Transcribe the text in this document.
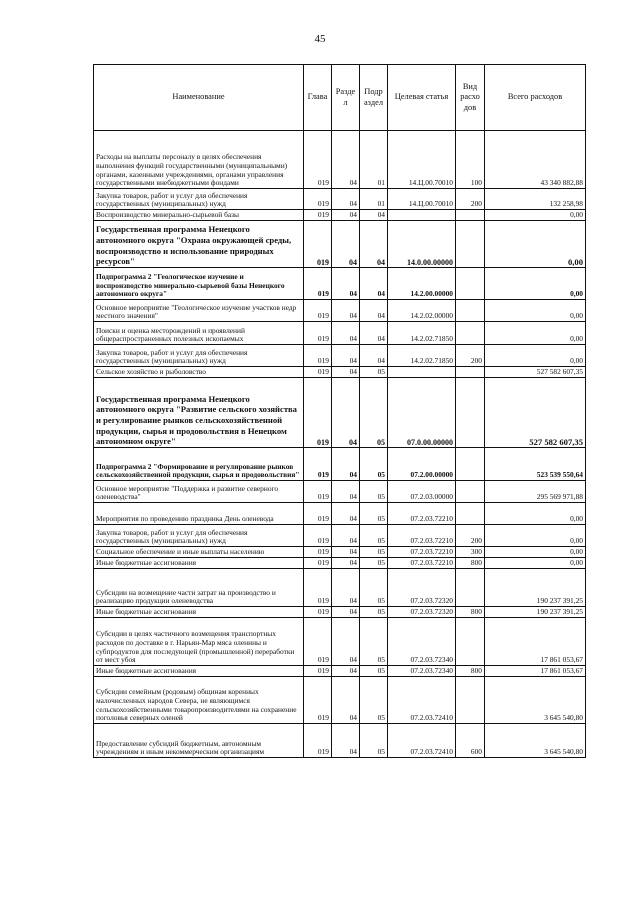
45
Наименование	Глава	Разде л	Подр аздел	Целевая статья	Вид расхо дов	Всего расходов
Расходы на выплаты персоналу в целях обеспечения выполнения функций государственными (муниципальными) органами, казенными учреждениями, органами управления государственными внебюджетными фондами	019	04	01	14.Ц.00.70010	100	43 340 882,88
Закупка товаров, работ и услуг для обеспечения государственных (муниципальных) нужд	019	04	01	14.Ц.00.70010	200	132 258,98
Воспроизводство минерально-сырьевой базы	019	04	04			0,00
Государственная программа Ненецкого автономного округа "Охрана окружающей среды, воспроизводство и использование природных ресурсов"	019	04	04	14.0.00.00000		0,00
Подпрограмма 2 "Геологическое изучение и воспроизводство минерально-сырьевой базы Ненецкого автономного округа"	019	04	04	14.2.00.00000		0,00
Основное мероприятие "Геологическое изучение участков недр местного значения"	019	04	04	14.2.02.00000		0,00
Поиски и оценка месторождений и проявлений общераспространенных полезных ископаемых	019	04	04	14.2.02.71850		0,00
Закупка товаров, работ и услуг для обеспечения государственных (муниципальных) нужд	019	04	04	14.2.02.71850	200	0,00
Сельское хозяйство и рыболовство	019	04	05			527 582 607,35
Государственная программа Ненецкого автономного округа "Развитие сельского хозяйства и регулирование рынков сельскохозяйственной продукции, сырья и продовольствия в Ненецком автономном округе"	019	04	05	07.0.00.00000		527 582 607,35
Подпрограмма 2 "Формирование и регулирование рынков сельскохозяйственной продукции, сырья и продовольствия"	019	04	05	07.2.00.00000		523 539 550,64
Основное мероприятие "Поддержка и развитие северного оленеводства"	019	04	05	07.2.03.00000		295 569 971,88
Мероприятия по проведению праздника День оленевода	019	04	05	07.2.03.72210		0,00
Закупка товаров, работ и услуг для обеспечения государственных (муниципальных) нужд	019	04	05	07.2.03.72210	200	0,00
Социальное обеспечение и иные выплаты населению	019	04	05	07.2.03.72210	300	0,00
Иные бюджетные ассигнования	019	04	05	07.2.03.72210	800	0,00
Субсидии на возмещение части затрат на производство и реализацию продукции оленеводства	019	04	05	07.2.03.72320		190 237 391,25
Иные бюджетные ассигнования	019	04	05	07.2.03.72320	800	190 237 391,25
Субсидии в целях частичного возмещения транспортных расходов по доставке в г. Нарьян-Мар мяса оленины и субпродуктов для последующей (промышленной) переработки от мест убоя	019	04	05	07.2.03.72340		17 861 053,67
Иные бюджетные ассигнования	019	04	05	07.2.03.72340	800	17 861 053,67
Субсидии семейным (родовым) общинам коренных малочисленных народов Севера, не являющимся сельскохозяйственными товаропроизводителями на сохранение поголовья северных оленей	019	04	05	07.2.03.72410		3 645 540,80
Предоставление субсидий бюджетным, автономным учреждениям и иным некоммерческим организациям	019	04	05	07.2.03.72410	600	3 645 540,80
